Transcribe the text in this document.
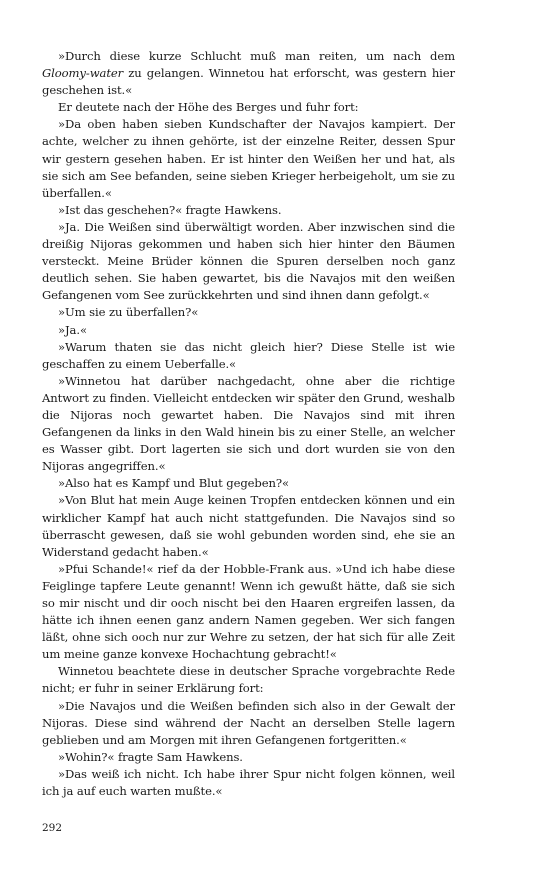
»Durch diese kurze Schlucht muß man reiten, um nach dem Gloomy-water zu gelangen. Winnetou hat erforscht, was gestern hier geschehen ist.«

Er deutete nach der Höhe des Berges und fuhr fort:

»Da oben haben sieben Kundschafter der Navajos kampiert. Der achte, welcher zu ihnen gehörte, ist der einzelne Reiter, dessen Spur wir gestern gesehen haben. Er ist hinter den Weißen her und hat, als sie sich am See befanden, seine sieben Krieger herbeigeholt, um sie zu überfallen.«

»Ist das geschehen?« fragte Hawkens.

»Ja. Die Weißen sind überwältigt worden. Aber inzwischen sind die dreißig Nijoras gekommen und haben sich hier hinter den Bäumen versteckt. Meine Brüder können die Spuren derselben noch ganz deutlich sehen. Sie haben gewartet, bis die Navajos mit den weißen Gefangenen vom See zurückkehrten und sind ihnen dann gefolgt.«

»Um sie zu überfallen?«

»Ja.«

»Warum thaten sie das nicht gleich hier? Diese Stelle ist wie geschaffen zu einem Ueberfalle.«

»Winnetou hat darüber nachgedacht, ohne aber die richtige Antwort zu finden. Vielleicht entdecken wir später den Grund, weshalb die Nijoras noch gewartet haben. Die Navajos sind mit ihren Gefangenen da links in den Wald hinein bis zu einer Stelle, an welcher es Wasser gibt. Dort lagerten sie sich und dort wurden sie von den Nijoras angegriffen.«

»Also hat es Kampf und Blut gegeben?«

»Von Blut hat mein Auge keinen Tropfen entdecken können und ein wirklicher Kampf hat auch nicht stattgefunden. Die Navajos sind so überrascht gewesen, daß sie wohl gebunden worden sind, ehe sie an Widerstand gedacht haben.«

»Pfui Schande!« rief da der Hobble-Frank aus. »Und ich habe diese Feiglinge tapfere Leute genannt! Wenn ich gewußt hätte, daß sie sich so mir nischt und dir ooch nischt bei den Haaren ergreifen lassen, da hätte ich ihnen eenen ganz andern Namen gegeben. Wer sich fangen läßt, ohne sich ooch nur zur Wehre zu setzen, der hat sich für alle Zeit um meine ganze konvexe Hochachtung gebracht!«

Winnetou beachtete diese in deutscher Sprache vorgebrachte Rede nicht; er fuhr in seiner Erklärung fort:

»Die Navajos und die Weißen befinden sich also in der Gewalt der Nijoras. Diese sind während der Nacht an derselben Stelle lagern geblieben und am Morgen mit ihren Gefangenen fortgeritten.«

»Wohin?« fragte Sam Hawkens.

»Das weiß ich nicht. Ich habe ihrer Spur nicht folgen können, weil ich ja auf euch warten mußte.«

292
